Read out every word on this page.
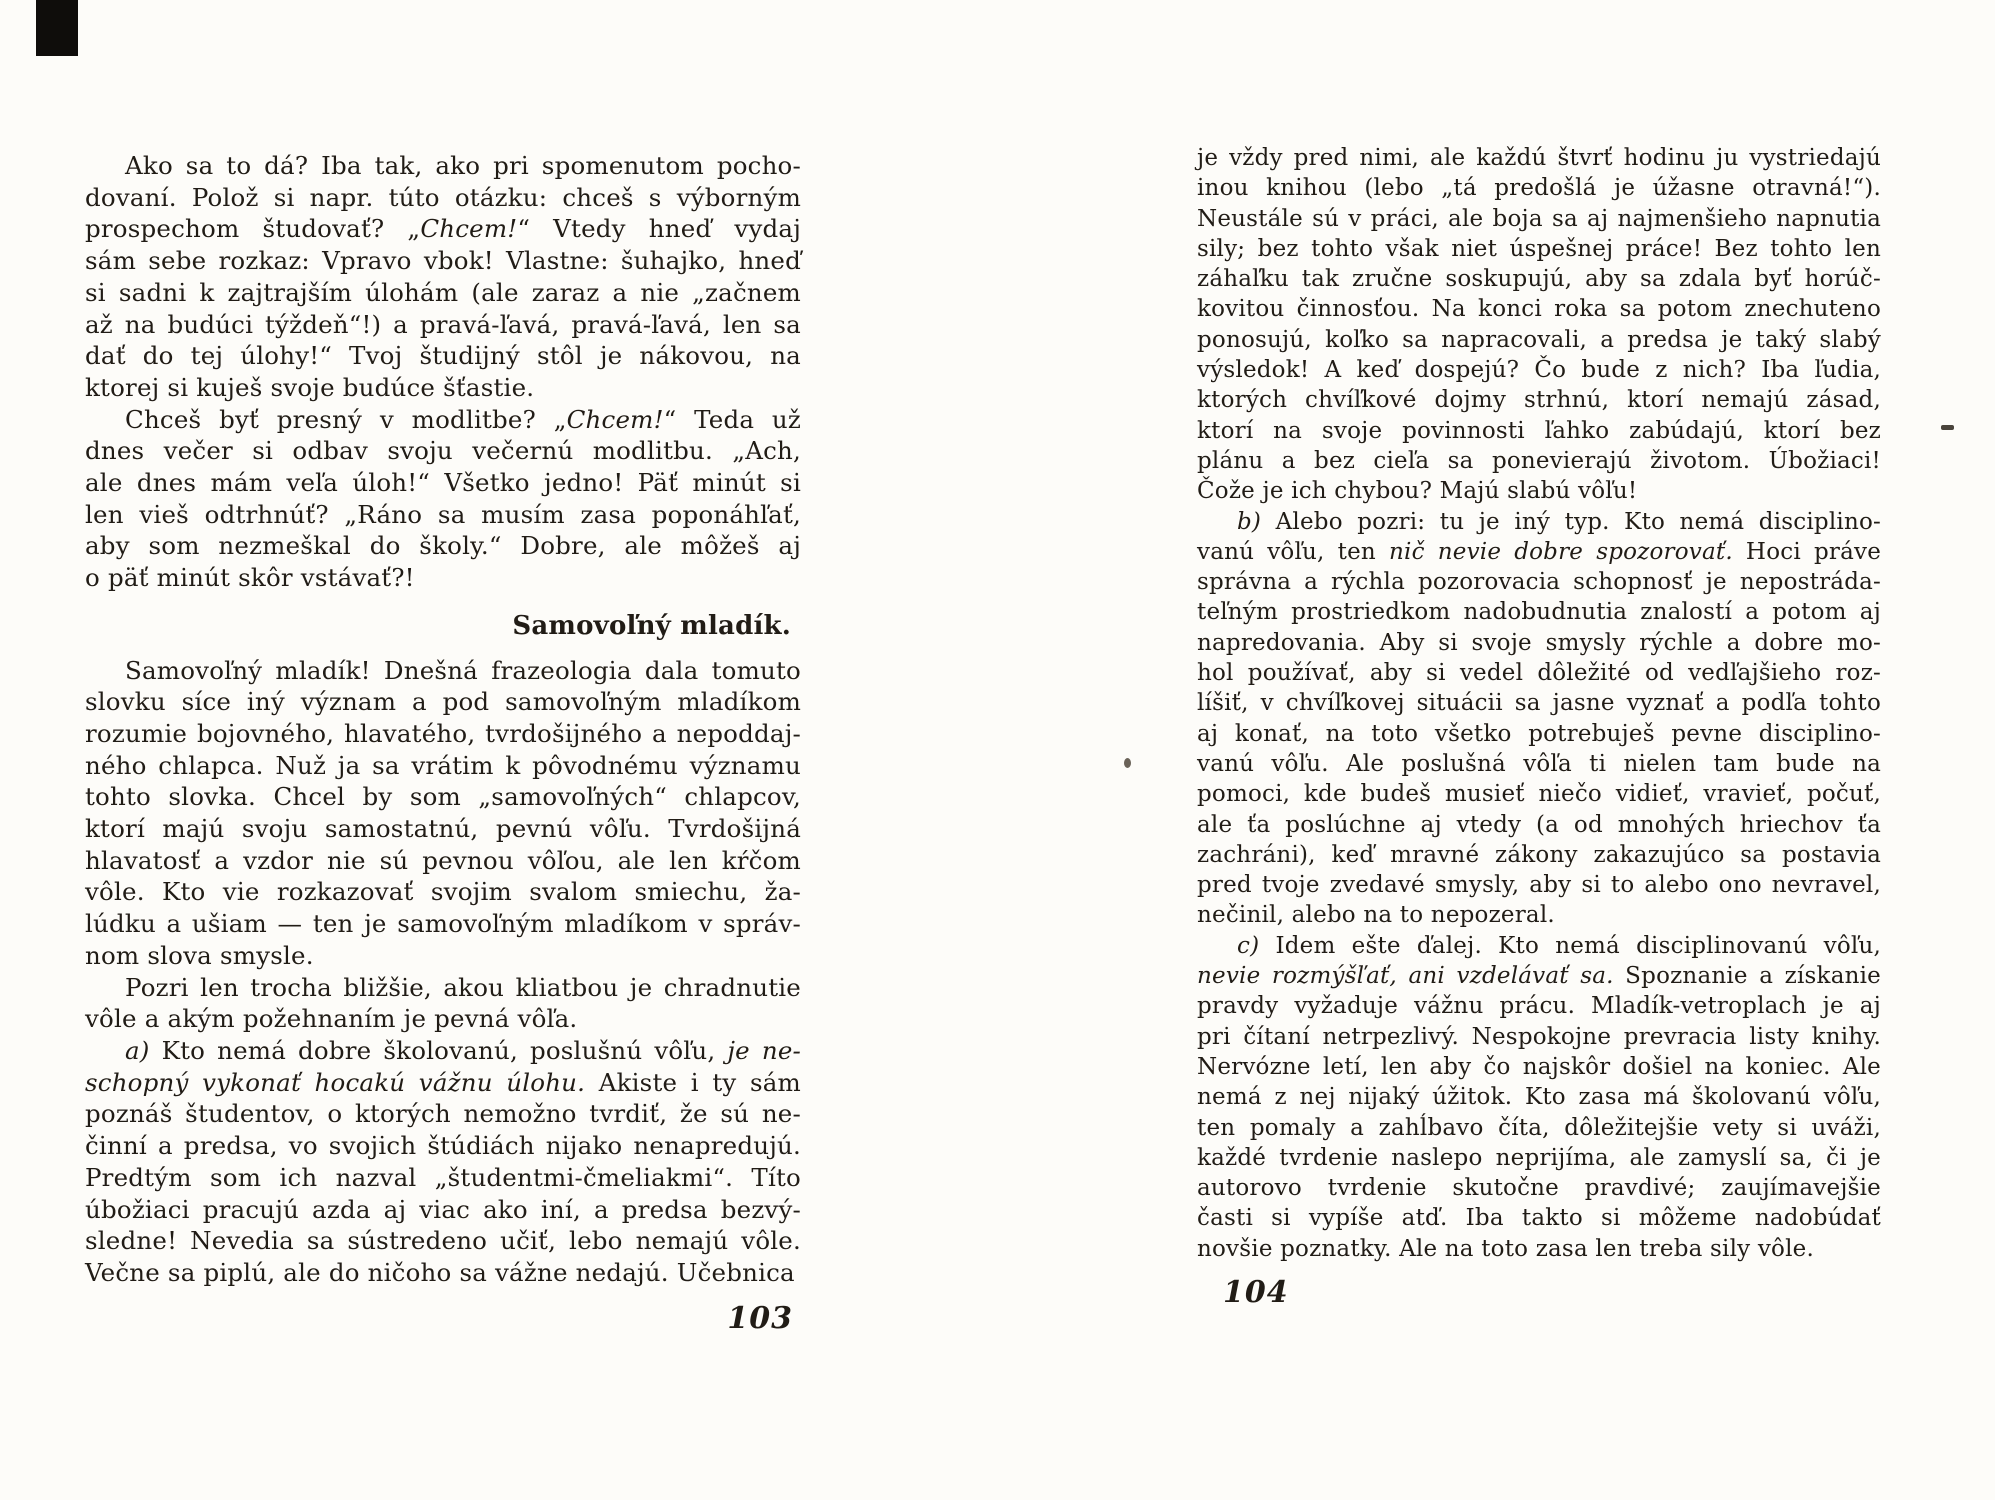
Ako sa to dá? Iba tak, ako pri spomenutom pocho-
dovaní. Polož si napr. túto otázku: chceš s výborným
prospechom študovať? „Chcem!“ Vtedy hneď vydaj
sám sebe rozkaz: Vpravo vbok! Vlastne: šuhajko, hneď
si sadni k zajtrajším úlohám (ale zaraz a nie „začnem
až na budúci týždeň“!) a pravá-ľavá, pravá-ľavá, len sa
dať do tej úlohy!“ Tvoj študijný stôl je nákovou, na
ktorej si kuješ svoje budúce šťastie.
Chceš byť presný v modlitbe? „Chcem!“ Teda už
dnes večer si odbav svoju večernú modlitbu. „Ach,
ale dnes mám veľa úloh!“ Všetko jedno! Päť minút si
len vieš odtrhnúť? „Ráno sa musím zasa poponáhľať,
aby som nezmeškal do školy.“ Dobre, ale môžeš aj
o päť minút skôr vstávať?!
Samovoľný mladík.
Samovoľný mladík! Dnešná frazeologia dala tomuto
slovku síce iný význam a pod samovoľným mladíkom
rozumie bojovného, hlavatého, tvrdošijného a nepoddaj-
ného chlapca. Nuž ja sa vrátim k pôvodnému významu
tohto slovka. Chcel by som „samovoľných“ chlapcov,
ktorí majú svoju samostatnú, pevnú vôľu. Tvrdošijná
hlavatosť a vzdor nie sú pevnou vôľou, ale len kŕčom
vôle. Kto vie rozkazovať svojim svalom smiechu, ža-
lúdku a ušiam — ten je samovoľným mladíkom v správ-
nom slova smysle.
Pozri len trocha bližšie, akou kliatbou je chradnutie
vôle a akým požehnaním je pevná vôľa.
a) Kto nemá dobre školovanú, poslušnú vôľu, je ne-
schopný vykonať hocakú vážnu úlohu. Akiste i ty sám
poznáš študentov, o ktorých nemožno tvrdiť, že sú ne-
činní a predsa, vo svojich štúdiách nijako nenapredujú.
Predtým som ich nazval „študentmi-čmeliakmi“. Títo
úbožiaci pracujú azda aj viac ako iní, a predsa bezvý-
sledne! Nevedia sa sústredeno učiť, lebo nemajú vôle.
Večne sa piplú, ale do ničoho sa vážne nedajú. Učebnica
103
je vždy pred nimi, ale každú štvrť hodinu ju vystriedajú
inou knihou (lebo „tá predošlá je úžasne otravná!“).
Neustále sú v práci, ale boja sa aj najmenšieho napnutia
sily; bez tohto však niet úspešnej práce! Bez tohto len
záhaľku tak zručne soskupujú, aby sa zdala byť horúč-
kovitou činnosťou. Na konci roka sa potom znechuteno
ponosujú, koľko sa napracovali, a predsa je taký slabý
výsledok! A keď dospejú? Čo bude z nich? Iba ľudia,
ktorých chvíľkové dojmy strhnú, ktorí nemajú zásad,
ktorí na svoje povinnosti ľahko zabúdajú, ktorí bez
plánu a bez cieľa sa ponevierajú životom. Úbožiaci!
Čože je ich chybou? Majú slabú vôľu!
b) Alebo pozri: tu je iný typ. Kto nemá disciplino-
vanú vôľu, ten nič nevie dobre spozorovať. Hoci práve
správna a rýchla pozorovacia schopnosť je nepostráda-
teľným prostriedkom nadobudnutia znalostí a potom aj
napredovania. Aby si svoje smysly rýchle a dobre mo-
hol používať, aby si vedel dôležité od vedľajšieho roz-
líšiť, v chvíľkovej situácii sa jasne vyznať a podľa tohto
aj konať, na toto všetko potrebuješ pevne disciplino-
vanú vôľu. Ale poslušná vôľa ti nielen tam bude na
pomoci, kde budeš musieť niečo vidieť, vravieť, počuť,
ale ťa poslúchne aj vtedy (a od mnohých hriechov ťa
zachráni), keď mravné zákony zakazujúco sa postavia
pred tvoje zvedavé smysly, aby si to alebo ono nevravel,
nečinil, alebo na to nepozeral.
c) Idem ešte ďalej. Kto nemá disciplinovanú vôľu,
nevie rozmýšľať, ani vzdelávať sa. Spoznanie a získanie
pravdy vyžaduje vážnu prácu. Mladík-vetroplach je aj
pri čítaní netrpezlivý. Nespokojne prevracia listy knihy.
Nervózne letí, len aby čo najskôr došiel na koniec. Ale
nemá z nej nijaký úžitok. Kto zasa má školovanú vôľu,
ten pomaly a zahĺbavo číta, dôležitejšie vety si uváži,
každé tvrdenie naslepo neprijíma, ale zamyslí sa, či je
autorovo tvrdenie skutočne pravdivé; zaujímavejšie
časti si vypíše atď. Iba takto si môžeme nadobúdať
novšie poznatky. Ale na toto zasa len treba sily vôle.
104
